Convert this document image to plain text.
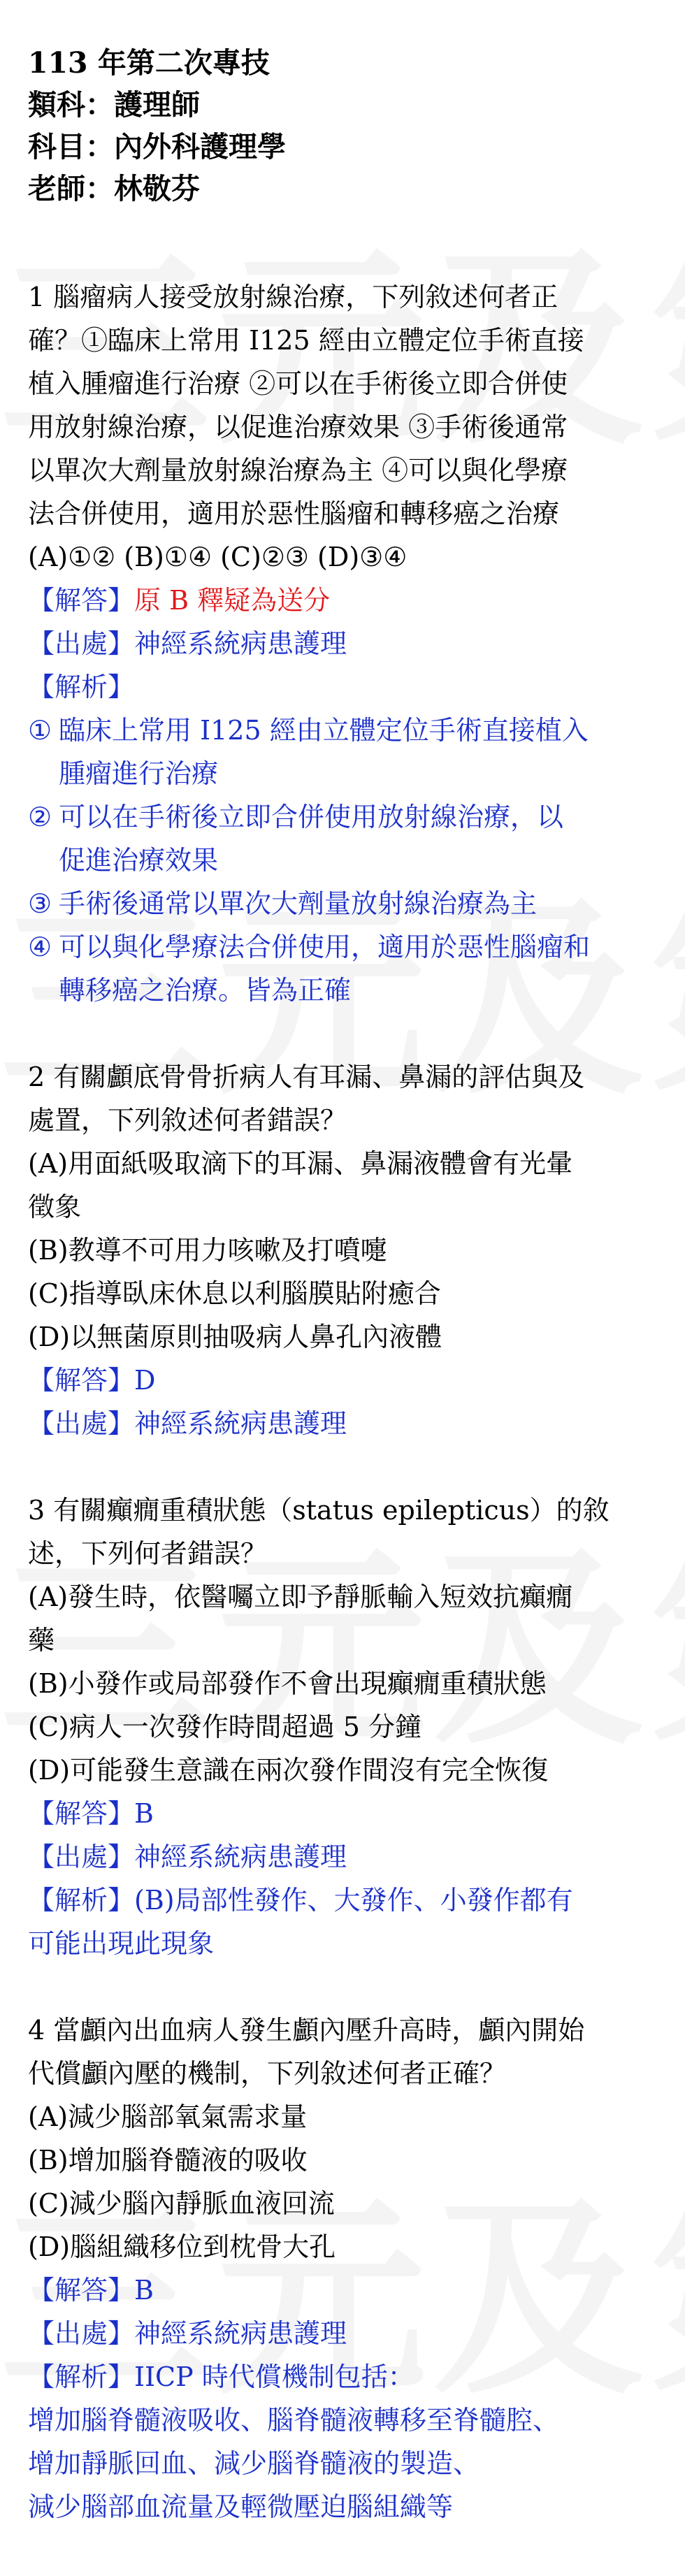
113 年第二次專技
類科：護理師
科目：內外科護理學
老師：林敬芬
1 腦瘤病人接受放射線治療，下列敘述何者正
確？①臨床上常用 I125 經由立體定位手術直接
植入腫瘤進行治療 ②可以在手術後立即合併使
用放射線治療，以促進治療效果 ③手術後通常
以單次大劑量放射線治療為主 ④可以與化學療
法合併使用，適用於惡性腦瘤和轉移癌之治療
(A)①② (B)①④ (C)②③ (D)③④
【解答】原 B 釋疑為送分
【出處】神經系統病患護理
【解析】
① 臨床上常用 I125 經由立體定位手術直接植入
腫瘤進行治療
② 可以在手術後立即合併使用放射線治療，以
促進治療效果
③ 手術後通常以單次大劑量放射線治療為主
④ 可以與化學療法合併使用，適用於惡性腦瘤和
轉移癌之治療。皆為正確
2 有關顱底骨骨折病人有耳漏、鼻漏的評估與及
處置，下列敘述何者錯誤？
(A)用面紙吸取滴下的耳漏、鼻漏液體會有光暈
徵象
(B)教導不可用力咳嗽及打噴嚏
(C)指導臥床休息以利腦膜貼附癒合
(D)以無菌原則抽吸病人鼻孔內液體
【解答】D
【出處】神經系統病患護理
3 有關癲癇重積狀態（status epilepticus）的敘
述，下列何者錯誤？
(A)發生時，依醫囑立即予靜脈輸入短效抗癲癇
藥
(B)小發作或局部發作不會出現癲癇重積狀態
(C)病人一次發作時間超過 5 分鐘
(D)可能發生意識在兩次發作間沒有完全恢復
【解答】B
【出處】神經系統病患護理
【解析】(B)局部性發作、大發作、小發作都有
可能出現此現象
4 當顱內出血病人發生顱內壓升高時，顱內開始
代償顱內壓的機制，下列敘述何者正確？
(A)減少腦部氧氣需求量
(B)增加腦脊髓液的吸收
(C)減少腦內靜脈血液回流
(D)腦組織移位到枕骨大孔
【解答】B
【出處】神經系統病患護理
【解析】IICP 時代償機制包括：
增加腦脊髓液吸收、腦脊髓液轉移至脊髓腔、
增加靜脈回血、減少腦脊髓液的製造、
減少腦部血流量及輕微壓迫腦組織等
